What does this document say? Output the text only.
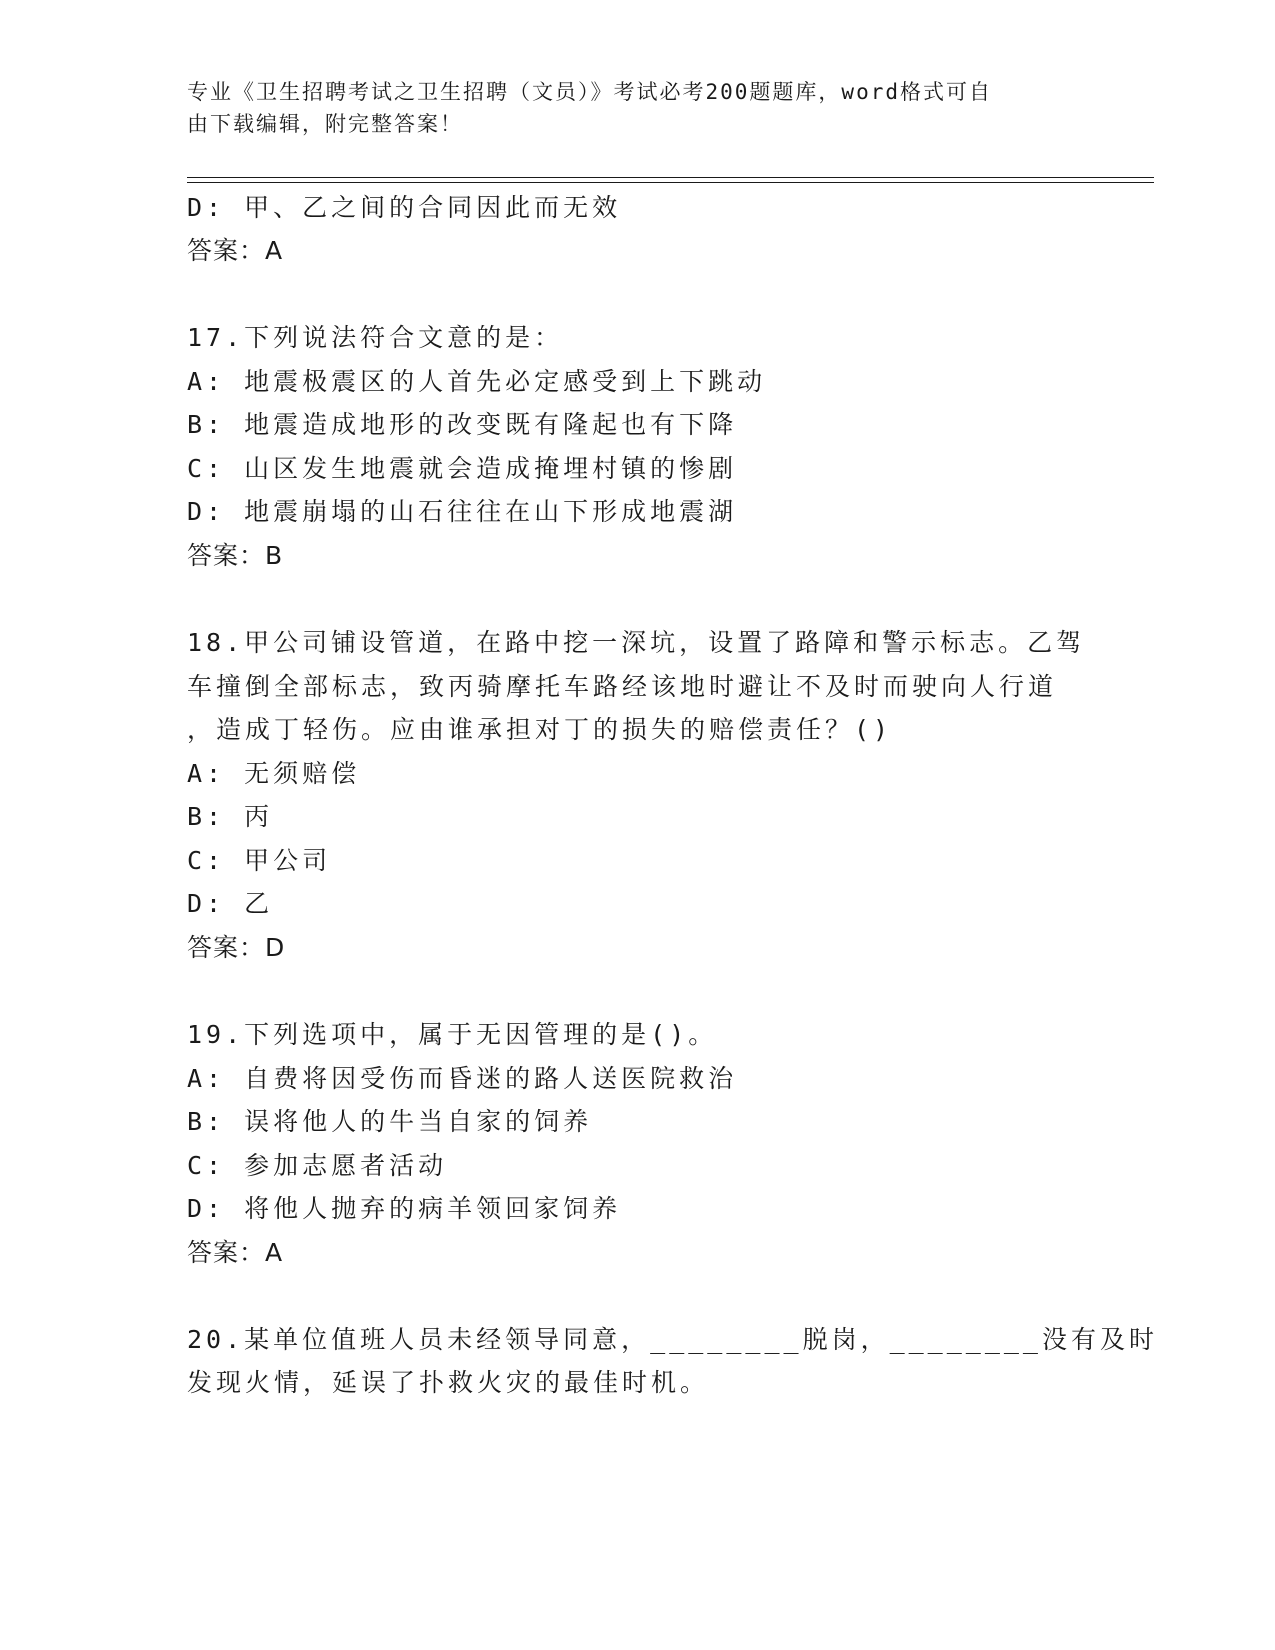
专业《卫生招聘考试之卫生招聘（文员）》考试必考200题题库，word格式可自
由下载编辑，附完整答案！
D: 甲、乙之间的合同因此而无效
答案：A
17.下列说法符合文意的是：
A: 地震极震区的人首先必定感受到上下跳动
B: 地震造成地形的改变既有隆起也有下降
C: 山区发生地震就会造成掩埋村镇的惨剧
D: 地震崩塌的山石往往在山下形成地震湖
答案：B
18.甲公司铺设管道，在路中挖一深坑，设置了路障和警示标志。乙驾
车撞倒全部标志，致丙骑摩托车路经该地时避让不及时而驶向人行道
，造成丁轻伤。应由谁承担对丁的损失的赔偿责任？()
A: 无须赔偿
B: 丙
C: 甲公司
D: 乙
答案：D
19.下列选项中，属于无因管理的是()。
A: 自费将因受伤而昏迷的路人送医院救治
B: 误将他人的牛当自家的饲养
C: 参加志愿者活动
D: 将他人抛弃的病羊领回家饲养
答案：A
20.某单位值班人员未经领导同意，________脱岗，________没有及时
发现火情，延误了扑救火灾的最佳时机。
